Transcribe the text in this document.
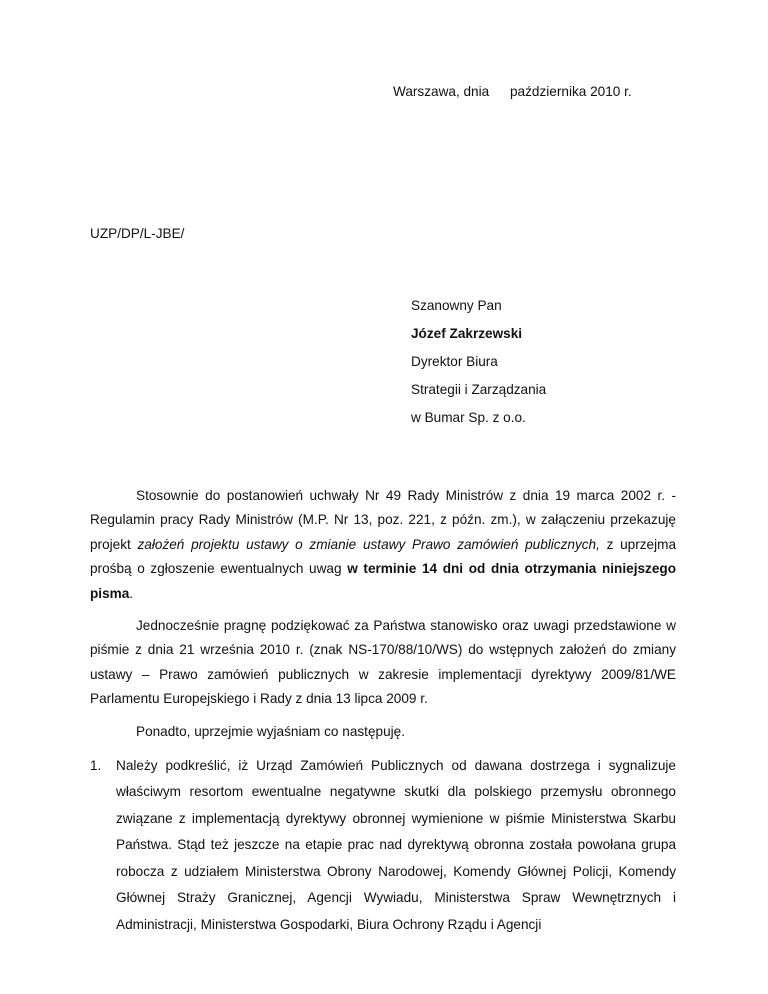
Warszawa, dnia października 2010 r.
UZP/DP/L-JBE/
Szanowny Pan
Józef Zakrzewski
Dyrektor Biura
Strategii i Zarządzania
w Bumar Sp. z o.o.

Stosownie do postanowień uchwały Nr 49 Rady Ministrów z dnia 19 marca 2002 r. - Regulamin pracy Rady Ministrów (M.P. Nr 13, poz. 221, z późn. zm.), w załączeniu przekazuję projekt założeń projektu ustawy o zmianie ustawy Prawo zamówień publicznych, z uprzejma prośbą o zgłoszenie ewentualnych uwag w terminie 14 dni od dnia otrzymania niniejszego pisma.

Jednocześnie pragnę podziękować za Państwa stanowisko oraz uwagi przedstawione w piśmie z dnia 21 września 2010 r. (znak NS-170/88/10/WS) do wstępnych założeń do zmiany ustawy – Prawo zamówień publicznych w zakresie implementacji dyrektywy 2009/81/WE Parlamentu Europejskiego i Rady z dnia 13 lipca 2009 r.

Ponadto, uprzejmie wyjaśniam co następuję.

1. Należy podkreślić, iż Urząd Zamówień Publicznych od dawana dostrzega i sygnalizuje właściwym resortom ewentualne negatywne skutki dla polskiego przemysłu obronnego związane z implementacją dyrektywy obronnej wymienione w piśmie Ministerstwa Skarbu Państwa. Stąd też jeszcze na etapie prac nad dyrektywą obronna została powołana grupa robocza z udziałem Ministerstwa Obrony Narodowej, Komendy Głównej Policji, Komendy Głównej Straży Granicznej, Agencji Wywiadu, Ministerstwa Spraw Wewnętrznych i Administracji, Ministerstwa Gospodarki, Biura Ochrony Rządu i Agencji
